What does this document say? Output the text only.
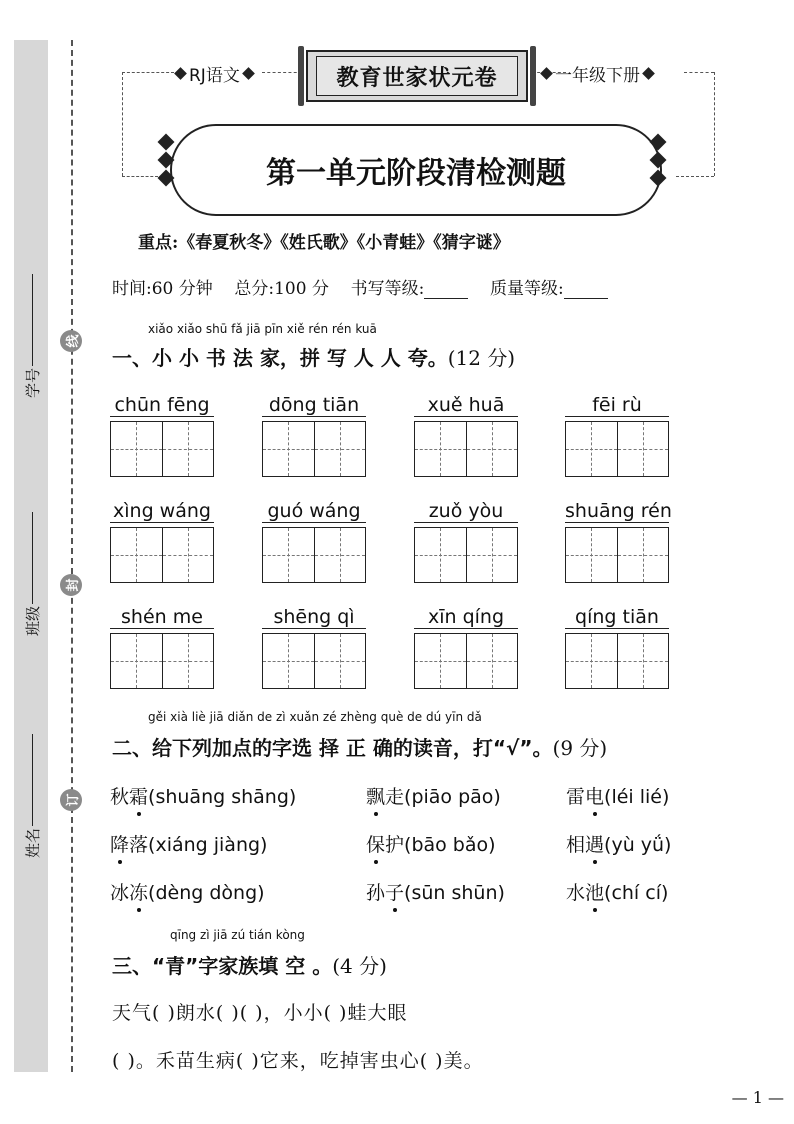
线
封
订
学号
班级
姓名
RJ语文	一年级下册
教育世家状元卷
第一单元阶段清检测题
重点:《春夏秋冬》《姓氏歌》《小青蛙》《猜字谜》
时间:60 分钟 总分:100 分 书写等级:	质量等级:
xiǎo xiǎo shū fǎ jiā pīn xiě rén rén kuā
一、小 小 书 法 家，拼 写 人 人 夸。(12 分)
chūn fēng	dōng tiān	xuě huā	fēi rù
xìng wáng	guó wáng	zuǒ yòu	shuāng rén
shén me	shēng qì	xīn qíng	qíng tiān
gěi xià liè jiā diǎn de zì xuǎn zé zhèng què de dú yīn dǎ
二、给下列加点的字选 择 正 确的读音，打“√”。(9 分)
秋霜(shuāng shāng)	飘走(piāo pāo)	雷电(léi lié)
降落(xiáng jiàng)	保护(bāo bǎo)	相遇(yù yǘ)
冰冻(dèng dòng)	孙子(sūn shūn)	水池(chí cí)
qīng zì jiā zú tián kòng
三、“青”字家族填 空 。(4 分)
天气( )朗水( )( )，小小( )蛙大眼
( )。禾苗生病( )它来，吃掉害虫心( )美。
— 1 —
